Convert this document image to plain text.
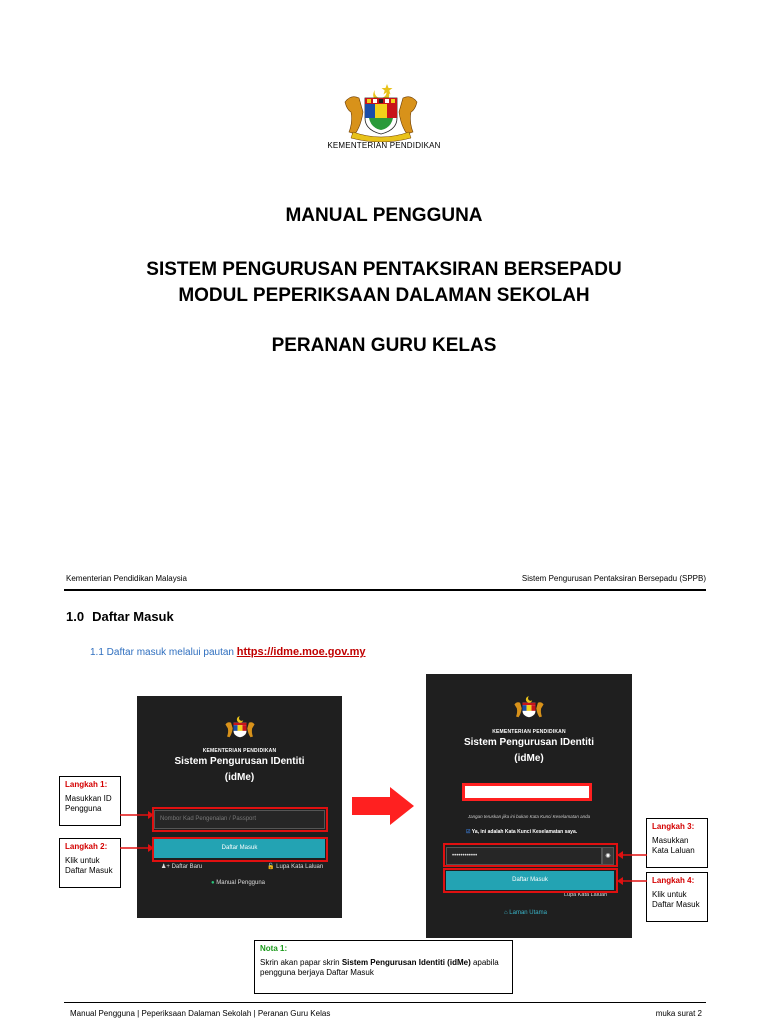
KEMENTERIAN PENDIDIKAN
MANUAL PENGGUNA
SISTEM PENGURUSAN PENTAKSIRAN BERSEPADU
MODUL PEPERIKSAAN DALAMAN SEKOLAH
PERANAN GURU KELAS
Kementerian Pendidikan Malaysia	Sistem Pengurusan Pentaksiran Bersepadu (SPPB)
1.0 Daftar Masuk
1.1 Daftar masuk melalui pautan https://idme.moe.gov.my
KEMENTERIAN PENDIDIKAN
Sistem Pengurusan IDentiti
(idMe)
Nombor Kad Pengenalan / Passport
Daftar Masuk
♟+ Daftar Baru	🔓 Lupa Kata Laluan
● Manual Pengguna
Langkah 1:
Masukkan ID Pengguna
Langkah 2:
Klik untuk Daftar Masuk
KEMENTERIAN PENDIDIKAN
Sistem Pengurusan IDentiti
(idMe)
Jangan teruskan jika ini bukan Kata Kunci Keselamatan anda
☑ Ya, ini adalah Kata Kunci Keselamatan saya.
••••••••••••	◉
Daftar Masuk
Lupa Kata Laluan
⌂ Laman Utama
Langkah 3:
Masukkan Kata Laluan
Langkah 4:
Klik untuk Daftar Masuk
Nota 1:
Skrin akan papar skrin Sistem Pengurusan Identiti (idMe) apabila pengguna berjaya Daftar Masuk
Manual Pengguna | Peperiksaan Dalaman Sekolah | Peranan Guru Kelas	muka surat 2
